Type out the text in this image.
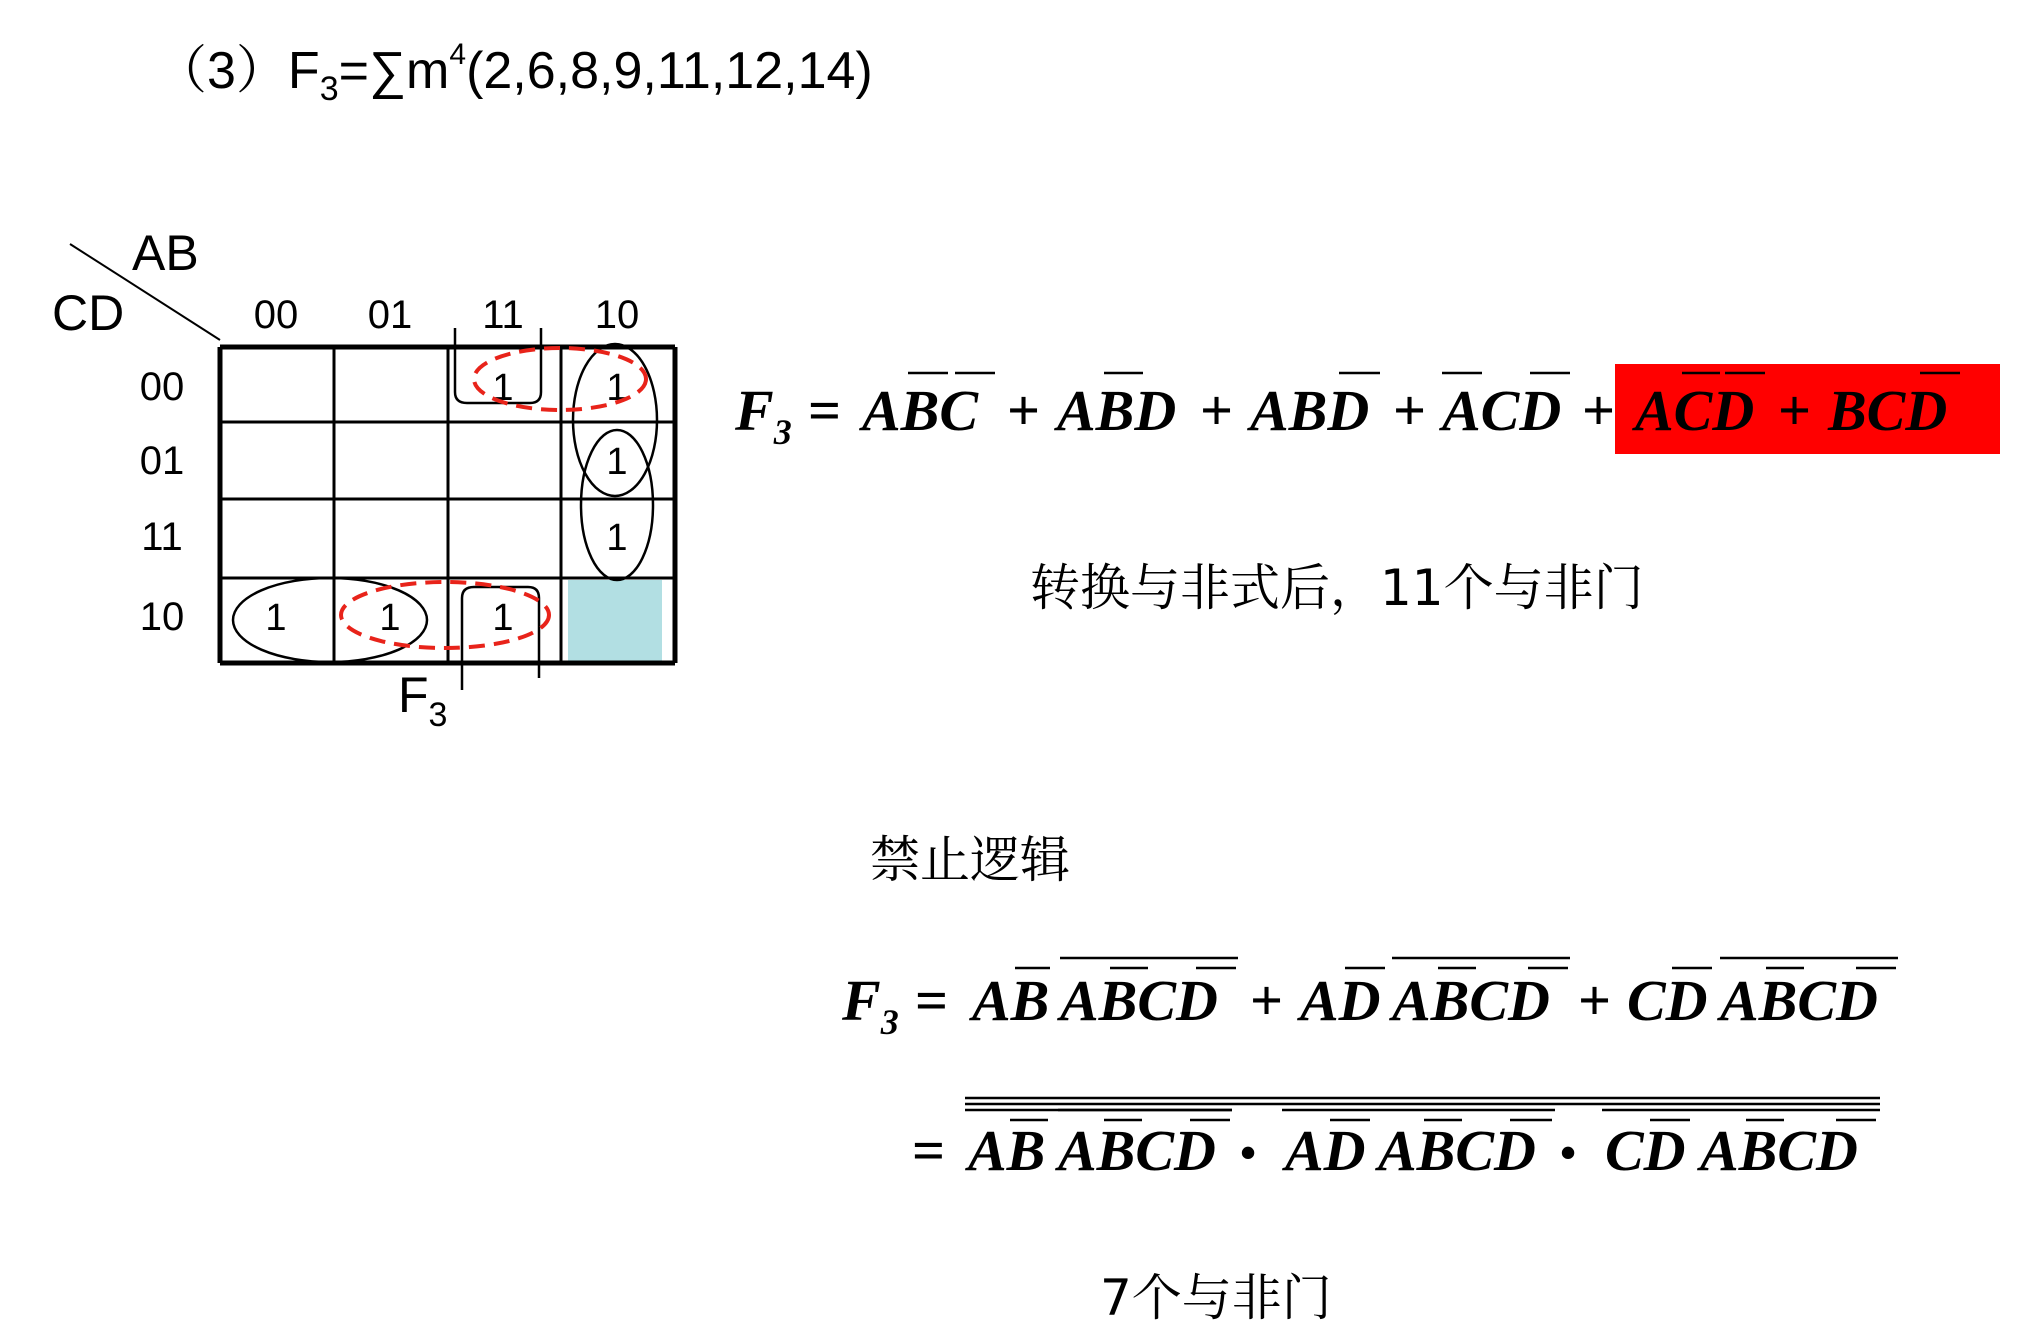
$(3)F_3=\sum m^4(2,6,8,9,11,12,14)$
AB
CD	00 01 11 10
00
01
11
10
1 1
1
1
1 1 1
$F_3$
$F_3$ = ABC + ABD + ABD + ACD + ACD + BCD
$F_3$ = AB ABCD + AD ABCD + CD ABCD
= AB ABCD • AD ABCD • CD ABCD
转换与非式后，11个与非门
禁止逻辑
7个与非门
